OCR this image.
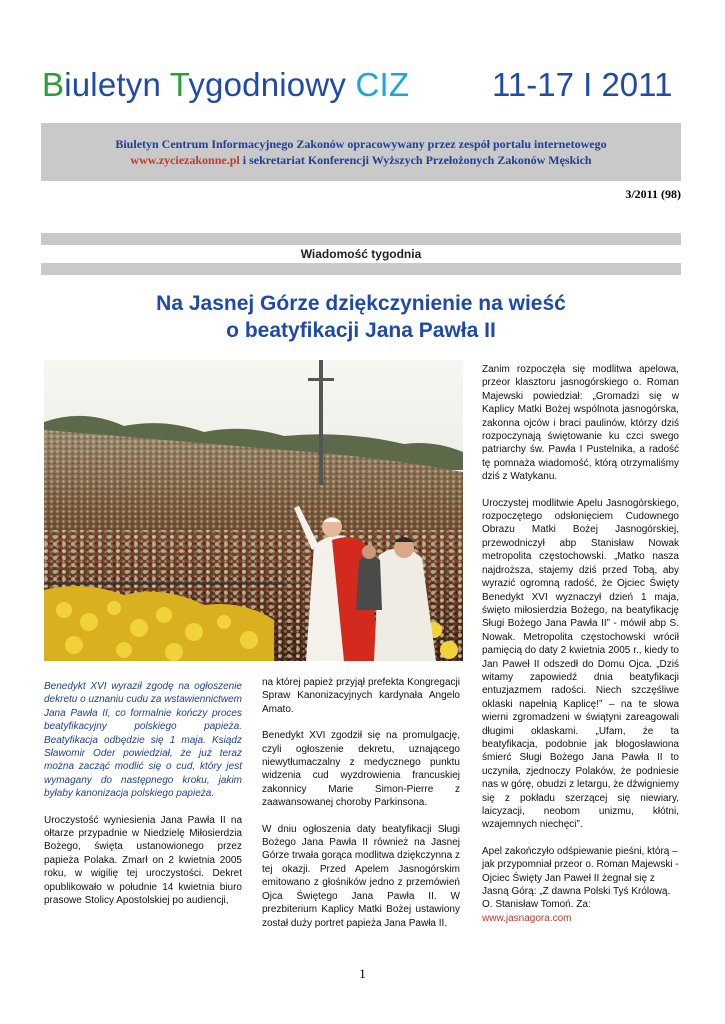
Biuletyn Tygodniowy CIZ	11-17 I 2011
Biuletyn Centrum Informacyjnego Zakonów opracowywany przez zespół portalu internetowego
www.zyciezakonne.pl i sekretariat Konferencji Wyższych Przełożonych Zakonów Męskich
3/2011 (98)
Wiadomość tygodnia
Na Jasnej Górze dziękczynienie na wieść
o beatyfikacji Jana Pawła II

Benedykt XVI wyraził zgodę na ogłoszenie dekretu o uznaniu cudu za wstawiennictwem Jana Pawła II, co formalnie kończy proces beatyfikacyjny polskiego papieża. Beatyfikacja odbędzie się 1 maja. Ksiądz Sławomir Oder powiedział, że już teraz można zacząć modlić się o cud, który jest wymagany do następnego kroku, jakim byłaby kanonizacja polskiego papieża.

Uroczystość wyniesienia Jana Pawła II na ołtarze przypadnie w Niedzielę Miłosierdzia Bożego, święta ustanowionego przez papieża Polaka. Zmarł on 2 kwietnia 2005 roku, w wigilię tej uroczystości. Dekret opublikowało w południe 14 kwietnia biuro prasowe Stolicy Apostolskiej po audiencji,

na której papież przyjął prefekta Kongregacji Spraw Kanonizacyjnych kardynała Angelo Amato.

Benedykt XVI zgodził się na promulgację, czyli ogłoszenie dekretu, uznającego niewytłumaczalny z medycznego punktu widzenia cud wyzdrowienia francuskiej zakonnicy Marie Simon-Pierre z zaawansowanej choroby Parkinsona.

W dniu ogłoszenia daty beatyfikacji Sługi Bożego Jana Pawła II również na Jasnej Górze trwała gorąca modlitwa dziękczynna z tej okazji. Przed Apelem Jasnogórskim emitowano z głośników jedno z przemówień Ojca Świętego Jana Pawła II. W prezbiterium Kaplicy Matki Bożej ustawiony został duży portret papieża Jana Pawła II.

Zanim rozpoczęła się modlitwa apelowa, przeor klasztoru jasnogórskiego o. Roman Majewski powiedział: „Gromadzi się w Kaplicy Matki Bożej wspólnota jasnogórska, zakonna ojców i braci paulinów, którzy dziś rozpoczynają świętowanie ku czci swego patriarchy św. Pawła I Pustelnika, a radość tę pomnaża wiadomość, którą otrzymaliśmy dziś z Watykanu.

Uroczystej modlitwie Apelu Jasnogórskiego, rozpoczętego odsłonięciem Cudownego Obrazu Matki Bożej Jasnogórskiej, przewodniczył abp Stanisław Nowak metropolita częstochowski. „Matko nasza najdroższa, stajemy dziś przed Tobą, aby wyrazić ogromną radość, że Ojciec Święty Benedykt XVI wyznaczył dzień 1 maja, święto miłosierdzia Bożego, na beatyfikację Sługi Bożego Jana Pawła II” - mówił abp S. Nowak. Metropolita częstochowski wrócił pamięcią do daty 2 kwietnia 2005 r., kiedy to Jan Paweł II odszedł do Domu Ojca. „Dziś witamy zapowiedź dnia beatyfikacji entuzjazmem radości. Niech szczęśliwe oklaski napełnią Kaplicę!” – na te słowa wierni zgromadzeni w świątyni zareagowali długimi oklaskami. „Ufam, że ta beatyfikacja, podobnie jak błogosławiona śmierć Sługi Bożego Jana Pawła II to uczyniła, zjednoczy Polaków, że podniesie nas w górę, obudzi z letargu, że dźwigniemy się z pokładu szerzącej się niewiary, laicyzacji, neobom unizmu, kłótni, wzajemnych niechęci”.

Apel zakończyło odśpiewanie pieśni, którą – jak przypomniał przeor o. Roman Majewski - Ojciec Święty Jan Paweł II żegnał się z Jasną Górą: „Z dawna Polski Tyś Królową. O. Stanisław Tomoń. Za: www.jasnagora.com

1
